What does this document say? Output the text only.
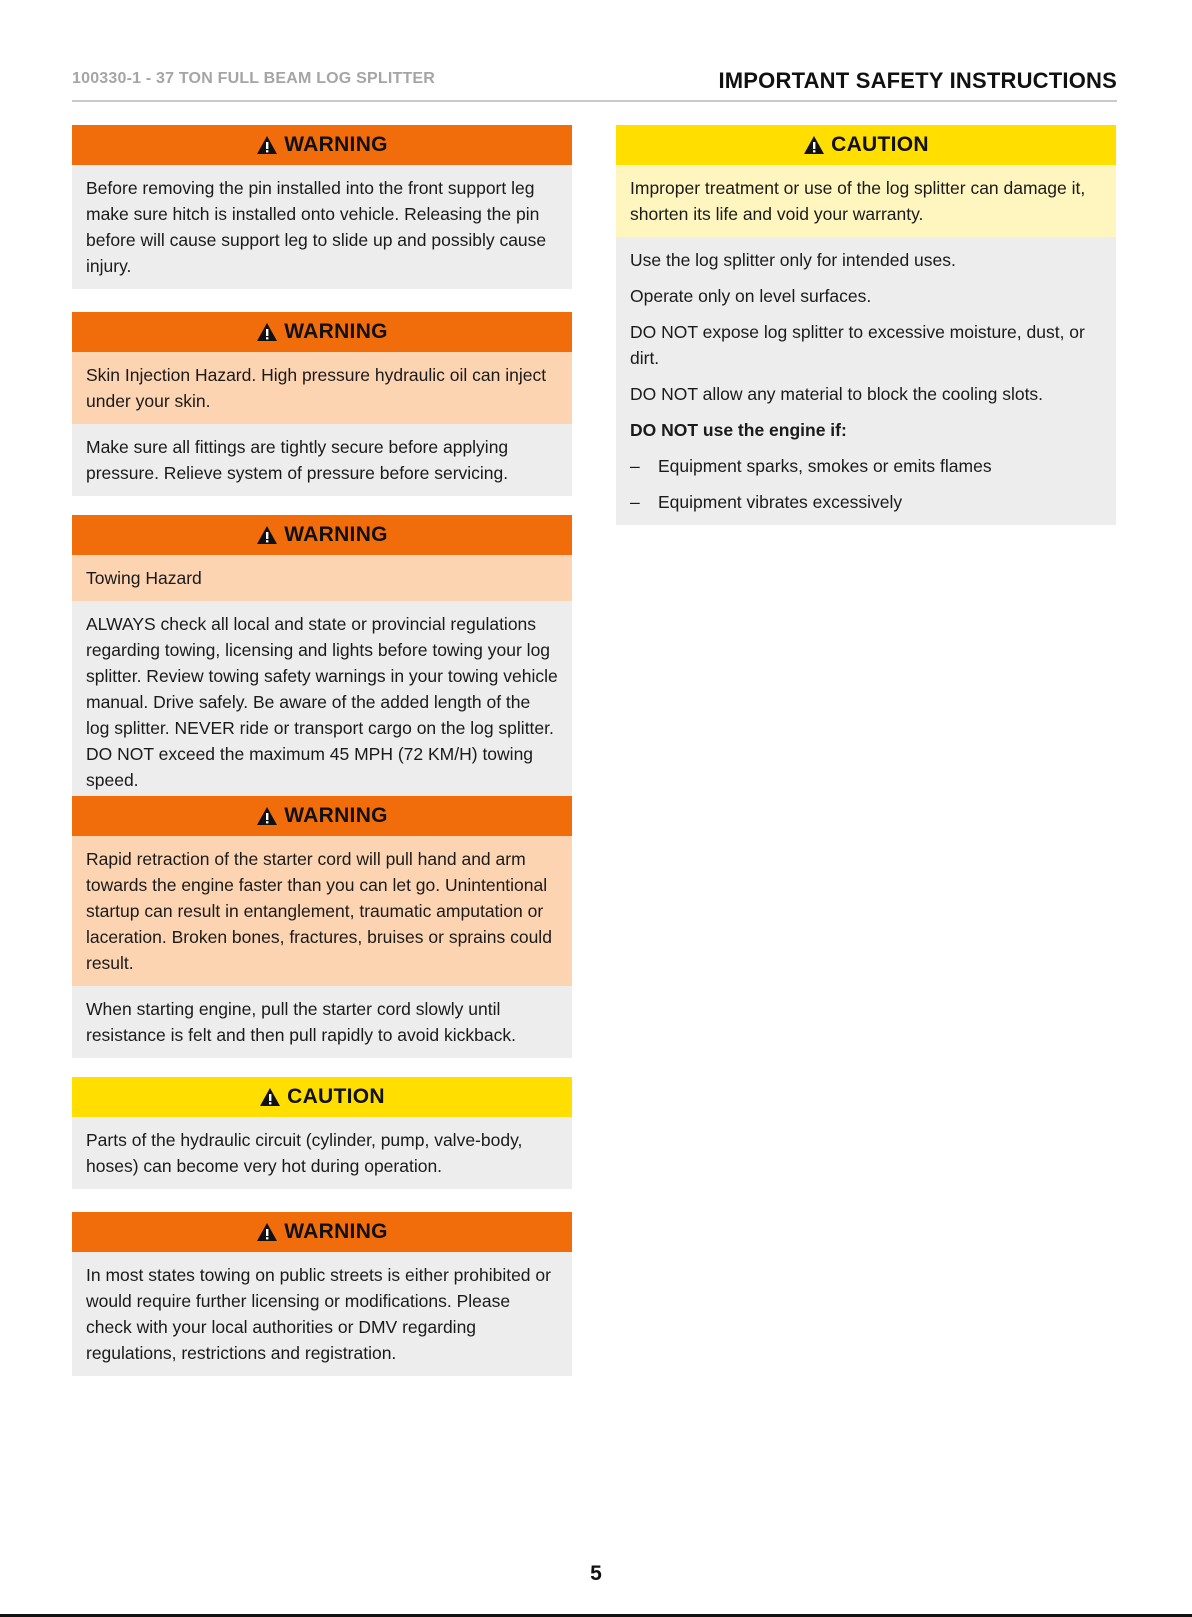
100330-1 - 37 TON FULL BEAM LOG SPLITTER	IMPORTANT SAFETY INSTRUCTIONS
WARNING

Before removing the pin installed into the front support leg make sure hitch is installed onto vehicle. Releasing the pin before will cause support leg to slide up and possibly cause injury.

WARNING

Skin Injection Hazard. High pressure hydraulic oil can inject under your skin.

Make sure all fittings are tightly secure before applying pressure. Relieve system of pressure before servicing.

WARNING

Towing Hazard

ALWAYS check all local and state or provincial regulations regarding towing, licensing and lights before towing your log splitter. Review towing safety warnings in your towing vehicle manual. Drive safely. Be aware of the added length of the log splitter. NEVER ride or transport cargo on the log splitter. DO NOT exceed the maximum 45 MPH (72 KM/H) towing speed.

WARNING

Rapid retraction of the starter cord will pull hand and arm towards the engine faster than you can let go. Unintentional startup can result in entanglement, traumatic amputation or laceration. Broken bones, fractures, bruises or sprains could result.

When starting engine, pull the starter cord slowly until resistance is felt and then pull rapidly to avoid kickback.

CAUTION

Parts of the hydraulic circuit (cylinder, pump, valve-body, hoses) can become very hot during operation.

WARNING

In most states towing on public streets is either prohibited or would require further licensing or modifications. Please check with your local authorities or DMV regarding regulations, restrictions and registration.

CAUTION

Improper treatment or use of the log splitter can damage it, shorten its life and void your warranty.

Use the log splitter only for intended uses.

Operate only on level surfaces.

DO NOT expose log splitter to excessive moisture, dust, or dirt.

DO NOT allow any material to block the cooling slots.

DO NOT use the engine if:

–	Equipment sparks, smokes or emits flames

–	Equipment vibrates excessively

5
